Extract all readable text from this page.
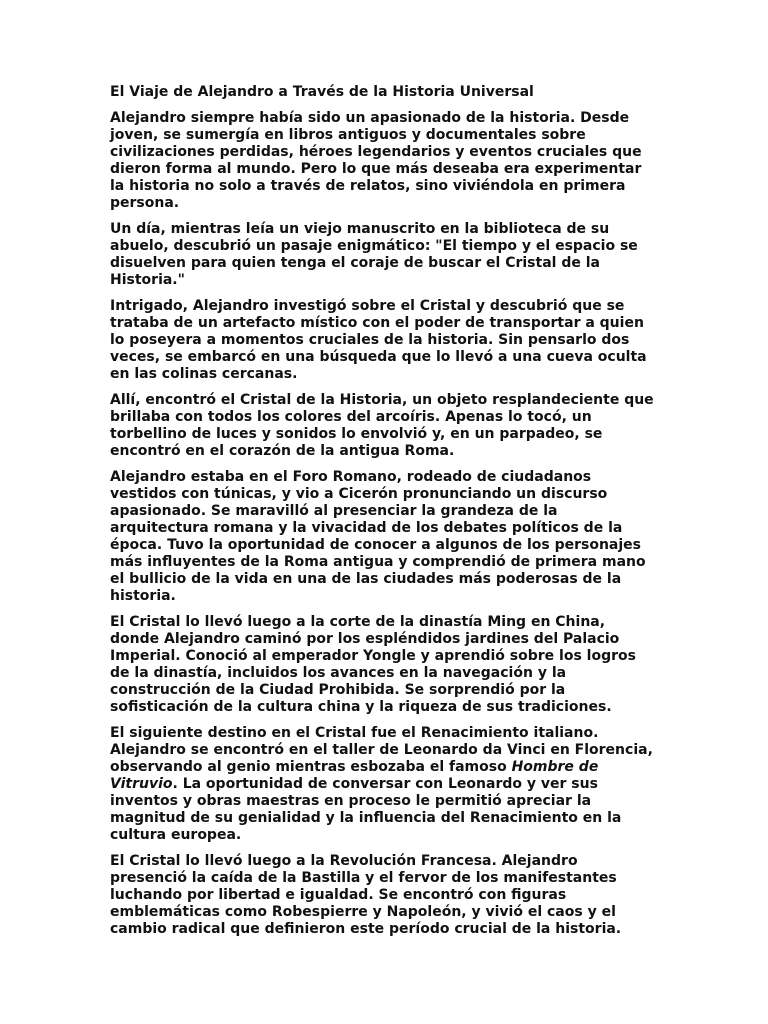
El Viaje de Alejandro a Través de la Historia Universal

Alejandro siempre había sido un apasionado de la historia. Desde joven, se sumergía en libros antiguos y documentales sobre civilizaciones perdidas, héroes legendarios y eventos cruciales que dieron forma al mundo. Pero lo que más deseaba era experimentar la historia no solo a través de relatos, sino viviéndola en primera persona.

Un día, mientras leía un viejo manuscrito en la biblioteca de su abuelo, descubrió un pasaje enigmático: "El tiempo y el espacio se disuelven para quien tenga el coraje de buscar el Cristal de la Historia."

Intrigado, Alejandro investigó sobre el Cristal y descubrió que se trataba de un artefacto místico con el poder de transportar a quien lo poseyera a momentos cruciales de la historia. Sin pensarlo dos veces, se embarcó en una búsqueda que lo llevó a una cueva oculta en las colinas cercanas.

Allí, encontró el Cristal de la Historia, un objeto resplandeciente que brillaba con todos los colores del arcoíris. Apenas lo tocó, un torbellino de luces y sonidos lo envolvió y, en un parpadeo, se encontró en el corazón de la antigua Roma.

Alejandro estaba en el Foro Romano, rodeado de ciudadanos vestidos con túnicas, y vio a Cicerón pronunciando un discurso apasionado. Se maravilló al presenciar la grandeza de la arquitectura romana y la vivacidad de los debates políticos de la época. Tuvo la oportunidad de conocer a algunos de los personajes más influyentes de la Roma antigua y comprendió de primera mano el bullicio de la vida en una de las ciudades más poderosas de la historia.

El Cristal lo llevó luego a la corte de la dinastía Ming en China, donde Alejandro caminó por los espléndidos jardines del Palacio Imperial. Conoció al emperador Yongle y aprendió sobre los logros de la dinastía, incluidos los avances en la navegación y la construcción de la Ciudad Prohibida. Se sorprendió por la sofisticación de la cultura china y la riqueza de sus tradiciones.

El siguiente destino en el Cristal fue el Renacimiento italiano. Alejandro se encontró en el taller de Leonardo da Vinci en Florencia, observando al genio mientras esbozaba el famoso Hombre de Vitruvio. La oportunidad de conversar con Leonardo y ver sus inventos y obras maestras en proceso le permitió apreciar la magnitud de su genialidad y la influencia del Renacimiento en la cultura europea.

El Cristal lo llevó luego a la Revolución Francesa. Alejandro presenció la caída de la Bastilla y el fervor de los manifestantes luchando por libertad e igualdad. Se encontró con figuras emblemáticas como Robespierre y Napoleón, y vivió el caos y el cambio radical que definieron este período crucial de la historia.
